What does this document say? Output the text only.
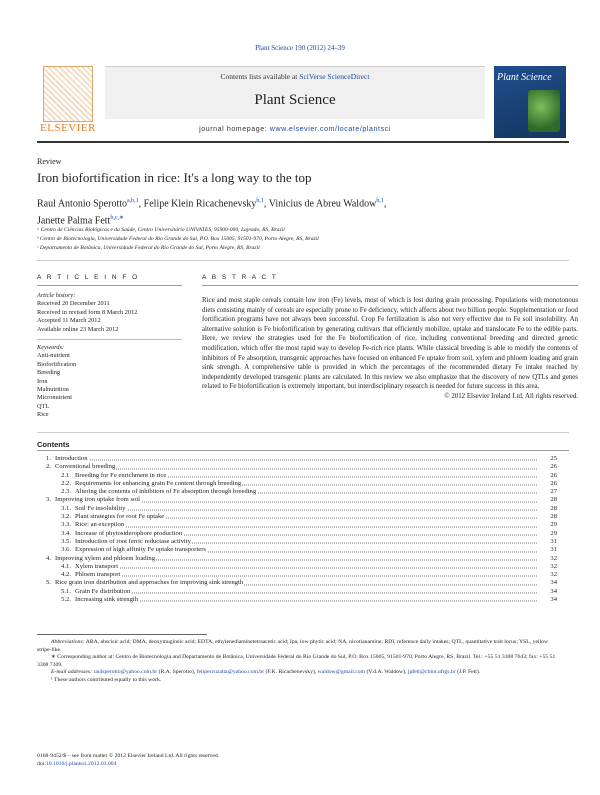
Plant Science 190 (2012) 24–39
ELSEVIER
Contents lists available at SciVerse ScienceDirect
Plant Science
journal homepage: www.elsevier.com/locate/plantsci
Plant Science
Review
Iron biofortification in rice: It's a long way to the top
Raul Antonio Sperotto$^{a,b,1}$, Felipe Klein Ricachenevsky$^{b,1}$, Vinicius de Abreu Waldow$^{b,1}$,
Janette Palma Fett$^{b,c,∗}$
ᵃ Centro de Ciências Biológicas e da Saúde, Centro Universitário UNIVATES, 95900-000, Lajeado, RS, Brazil
ᵇ Centro de Biotecnologia, Universidade Federal do Rio Grande do Sul, P.O. Box 15005, 91501-970, Porto Alegre, RS, Brazil
ᶜ Departamento de Botânica, Universidade Federal do Rio Grande do Sul, Porto Alegre, RS, Brazil
A R T I C L E I N F O	A B S T R A C T
Article history:
Received 20 December 2011
Received in revised form 8 March 2012
Accepted 11 March 2012
Available online 23 March 2012
Keywords:
Anti-nutrient
Biofortification
Breeding
Iron
Malnutrition
Micronutrient
QTL
Rice
Rice and most staple cereals contain low iron (Fe) levels, most of which is lost during grain processing. Populations with monotonous diets consisting mainly of cereals are especially prone to Fe deficiency, which affects about two billion people. Supplementation or food fortification programs have not always been successful. Crop Fe fertilization is also not very effective due to Fe soil insolubility. An alternative solution is Fe biofortification by generating cultivars that efficiently mobilize, uptake and translocate Fe to the edible parts. Here, we review the strategies used for the Fe biofortification of rice, including conventional breeding and directed genetic modification, which offer the most rapid way to develop Fe-rich rice plants. While classical breeding is able to modify the contents of inhibitors of Fe absorption, transgenic approaches have focused on enhanced Fe uptake from soil, xylem and phloem loading and grain sink strength. A comprehensive table is provided in which the percentages of the recommended dietary Fe intake reached by independently developed transgenic plants are calculated. In this review we also emphasize that the discovery of new QTLs and genes related to Fe biofortification is extremely important, but interdisciplinary research is needed for future success in this area.
© 2012 Elsevier Ireland Ltd. All rights reserved.
Contents
1. Introduction	25
2. Conventional breeding	26
2.1. Breeding for Fe enrichment in rice	26
2.2. Requirements for enhancing grain Fe content through breeding	26
2.3. Altering the contents of inhibitors of Fe absorption through breeding	27
3. Improving iron uptake from soil	28
3.1. Soil Fe insolubility	28
3.2. Plant strategies for root Fe uptake	28
3.3. Rice: an exception	29
3.4. Increase of phytosiderophore production	29
3.5. Introduction of root ferric reductase activity	31
3.6. Expression of high affinity Fe uptake transporters	31
4. Improving xylem and phloem loading	32
4.1. Xylem transport	32
4.2. Phloem transport	32
5. Rice grain iron distribution and approaches for improving sink strength	34
5.1. Grain Fe distribution	34
5.2. Increasing sink strength	34
Abbreviations: ABA, abscisic acid; DMA, deoxymugineic acid; EDTA, ethylenediaminetetraacetic acid; Ipa, low phytic acid; NA, nicotianamine; RDI, reference daily intakes; QTL, quantitative trait locus; YSL, yellow stripe-like.
∗ Corresponding author at: Centro de Biotecnologia and Departamento de Botânica, Universidade Federal do Rio Grande do Sul, P.O. Box 15005, 91501-970, Porto Alegre, RS, Brazil. Tel.: +55 51 3308 7643; fax: +55 51 3308 7309.
E-mail addresses: raulsperotto@yahoo.com.br (R.A. Sperotto), felipecruzalta@yahoo.com.br (F.K. Ricachenevsky), waldow@gmail.com (V.d.A. Waldow), jpfett@cbiot.ufrgs.br (J.P. Fett).
¹ These authors contributed equally to this work.
0168-9452/$ – see front matter © 2012 Elsevier Ireland Ltd. All rights reserved.
doi:10.1016/j.plantsci.2012.03.004
